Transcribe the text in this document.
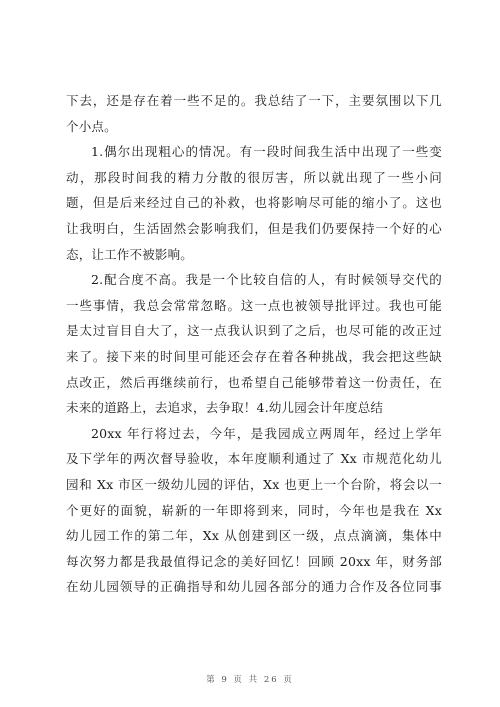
下去，还是存在着一些不足的。我总结了一下，主要氛围以下几
个小点。
1.偶尔出现粗心的情况。有一段时间我生活中出现了一些变
动，那段时间我的精力分散的很厉害，所以就出现了一些小问
题，但是后来经过自己的补救，也将影响尽可能的缩小了。这也
让我明白，生活固然会影响我们，但是我们仍要保持一个好的心
态，让工作不被影响。
2.配合度不高。我是一个比较自信的人，有时候领导交代的
一些事情，我总会常常忽略。这一点也被领导批评过。我也可能
是太过盲目自大了，这一点我认识到了之后，也尽可能的改正过
来了。接下来的时间里可能还会存在着各种挑战，我会把这些缺
点改正，然后再继续前行，也希望自己能够带着这一份责任，在
未来的道路上，去追求，去争取！4.幼儿园会计年度总结
20xx 年行将过去，今年，是我园成立两周年，经过上学年
及下学年的两次督导验收，本年度顺利通过了 Xx 市规范化幼儿
园和 Xx 市区一级幼儿园的评估，Xx 也更上一个台阶，将会以一
个更好的面貌，崭新的一年即将到来，同时，今年也是我在 Xx
幼儿园工作的第二年，Xx 从创建到区一级，点点滴滴，集体中
每次努力都是我最值得记念的美好回忆！回顾 20xx 年，财务部
在幼儿园领导的正确指导和幼儿园各部分的通力合作及各位同事
第 9 页 共 26 页
